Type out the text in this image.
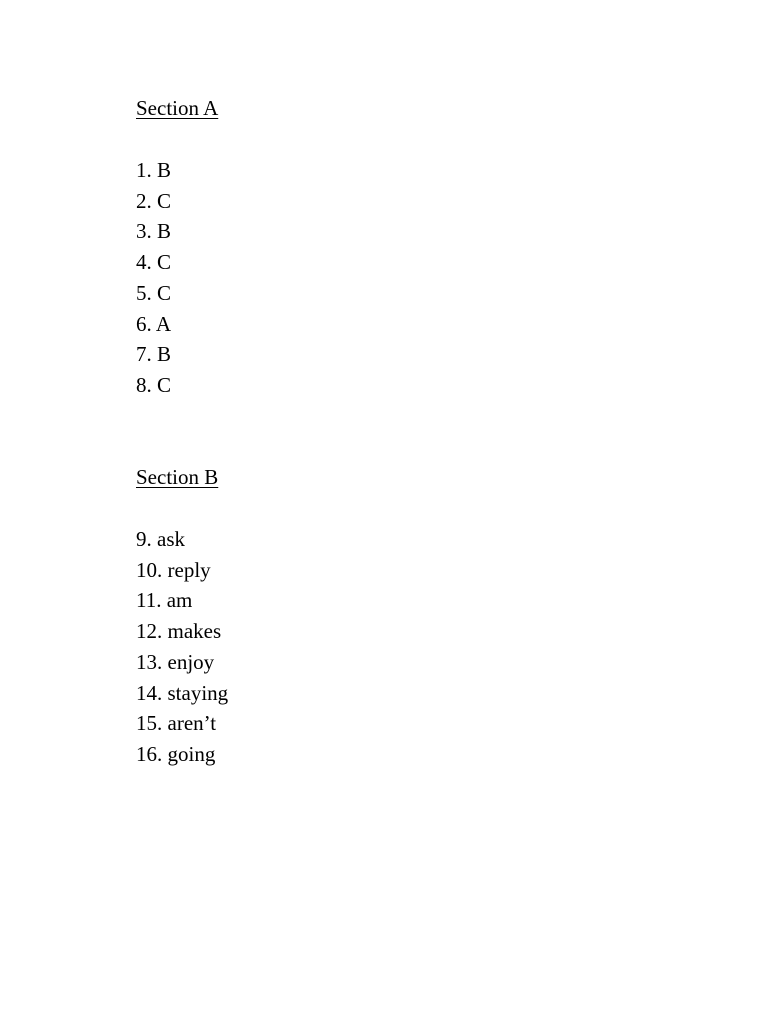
Section A
1. B
2. C
3. B
4. C
5. C
6. A
7. B
8. C
Section B
9. ask
10. reply
11. am
12. makes
13. enjoy
14. staying
15. aren’t
16. going
